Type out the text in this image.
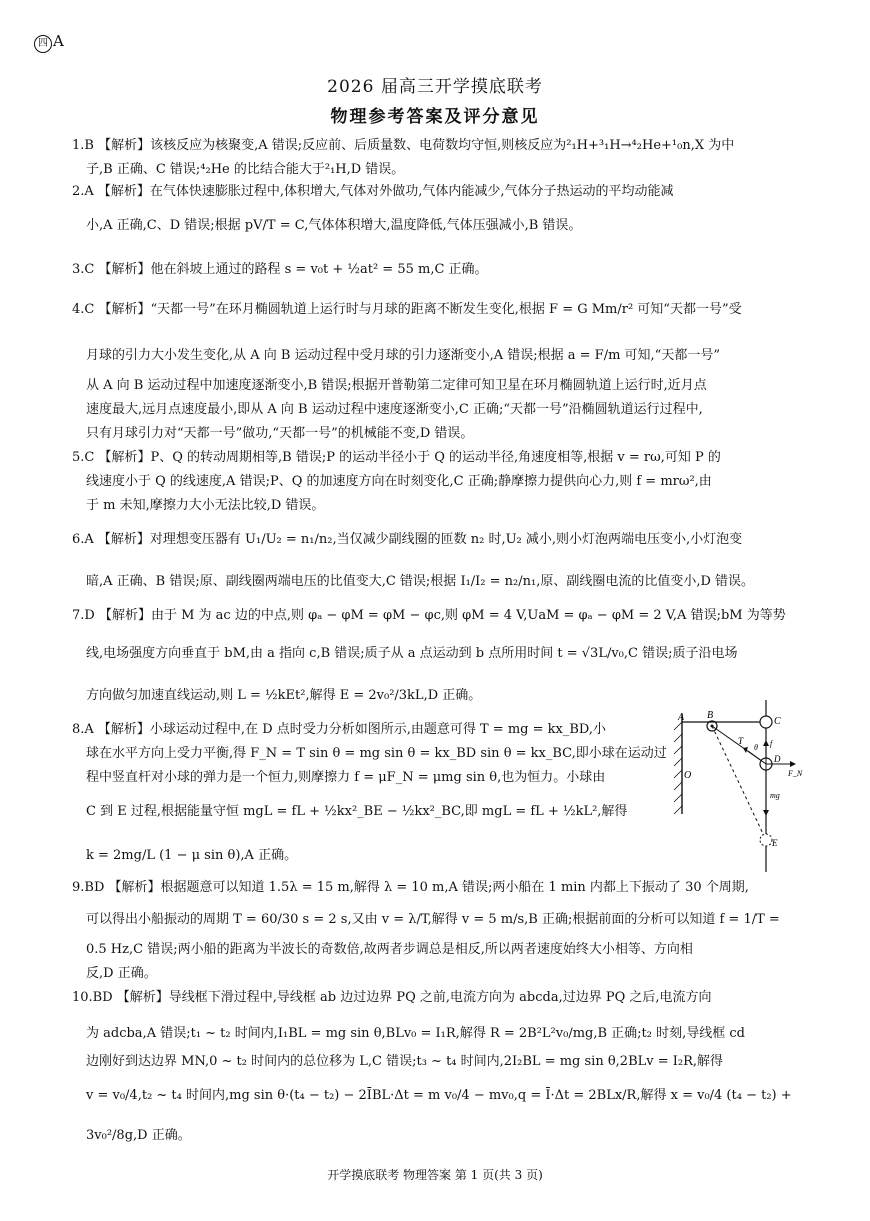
四 A
2026 届高三开学摸底联考
物理参考答案及评分意见
1.B 【解析】该核反应为核聚变,A 错误;反应前、后质量数、电荷数均守恒,则核反应为²₁H+³₁H→⁴₂He+¹₀n,X 为中
子,B 正确、C 错误;⁴₂He 的比结合能大于²₁H,D 错误。
2.A 【解析】在气体快速膨胀过程中,体积增大,气体对外做功,气体内能减少,气体分子热运动的平均动能减
小,A 正确,C、D 错误;根据 pV/T = C,气体体积增大,温度降低,气体压强减小,B 错误。
3.C 【解析】他在斜坡上通过的路程 s = v₀t + ½at² = 55 m,C 正确。
4.C 【解析】“天都一号”在环月椭圆轨道上运行时与月球的距离不断发生变化,根据 F = G Mm/r² 可知“天都一号”受
月球的引力大小发生变化,从 A 向 B 运动过程中受月球的引力逐渐变小,A 错误;根据 a = F/m 可知,“天都一号”
从 A 向 B 运动过程中加速度逐渐变小,B 错误;根据开普勒第二定律可知卫星在环月椭圆轨道上运行时,近月点
速度最大,远月点速度最小,即从 A 向 B 运动过程中速度逐渐变小,C 正确;“天都一号”沿椭圆轨道运行过程中,
只有月球引力对“天都一号”做功,“天都一号”的机械能不变,D 错误。
5.C 【解析】P、Q 的转动周期相等,B 错误;P 的运动半径小于 Q 的运动半径,角速度相等,根据 v = rω,可知 P 的
线速度小于 Q 的线速度,A 错误;P、Q 的加速度方向在时刻变化,C 正确;静摩擦力提供向心力,则 f = mrω²,由
于 m 未知,摩擦力大小无法比较,D 错误。
6.A 【解析】对理想变压器有 U₁/U₂ = n₁/n₂,当仅减少副线圈的匝数 n₂ 时,U₂ 减小,则小灯泡两端电压变小,小灯泡变
暗,A 正确、B 错误;原、副线圈两端电压的比值变大,C 错误;根据 I₁/I₂ = n₂/n₁,原、副线圈电流的比值变小,D 错误。
7.D 【解析】由于 M 为 ac 边的中点,则 φₐ − φM = φM − φc,则 φM = 4 V,UaM = φₐ − φM = 2 V,A 错误;bM 为等势
线,电场强度方向垂直于 bM,由 a 指向 c,B 错误;质子从 a 点运动到 b 点所用时间 t = √3L/v₀,C 错误;质子沿电场
方向做匀加速直线运动,则 L = ½kEt²,解得 E = 2v₀²/3kL,D 正确。
8.A 【解析】小球运动过程中,在 D 点时受力分析如图所示,由题意可得 T = mg = kx_BD,小
球在水平方向上受力平衡,得 F_N = T sin θ = mg sin θ = kx_BD sin θ = kx_BC,即小球在运动过
程中竖直杆对小球的弹力是一个恒力,则摩擦力 f = μF_N = μmg sin θ,也为恒力。小球由
C 到 E 过程,根据能量守恒 mgL = fL + ½kx²_BE − ½kx²_BC,即 mgL = fL + ½kL²,解得
k = 2mg/L (1 − μ sin θ),A 正确。
9.BD 【解析】根据题意可以知道 1.5λ = 15 m,解得 λ = 10 m,A 错误;两小船在 1 min 内都上下振动了 30 个周期,
可以得出小船振动的周期 T = 60/30 s = 2 s,又由 v = λ/T,解得 v = 5 m/s,B 正确;根据前面的分析可以知道 f = 1/T =
0.5 Hz,C 错误;两小船的距离为半波长的奇数倍,故两者步调总是相反,所以两者速度始终大小相等、方向相
反,D 正确。
10.BD 【解析】导线框下滑过程中,导线框 ab 边过边界 PQ 之前,电流方向为 abcda,过边界 PQ 之后,电流方向
为 adcba,A 错误;t₁ ~ t₂ 时间内,I₁BL = mg sin θ,BLv₀ = I₁R,解得 R = 2B²L²v₀/mg,B 正确;t₂ 时刻,导线框 cd
边刚好到达边界 MN,0 ~ t₂ 时间内的总位移为 L,C 错误;t₃ ~ t₄ 时间内,2I₂BL = mg sin θ,2BLv = I₂R,解得
v = v₀/4,t₂ ~ t₄ 时间内,mg sin θ·(t₄ − t₂) − 2ĪBL·Δt = m v₀/4 − mv₀,q = Ī·Δt = 2BLx/R,解得 x = v₀/4 (t₄ − t₂) +
3v₀²/8g,D 正确。
A B
C
D
E
O
T
θ f
F_N
mg
开学摸底联考 物理答案 第 1 页(共 3 页)
